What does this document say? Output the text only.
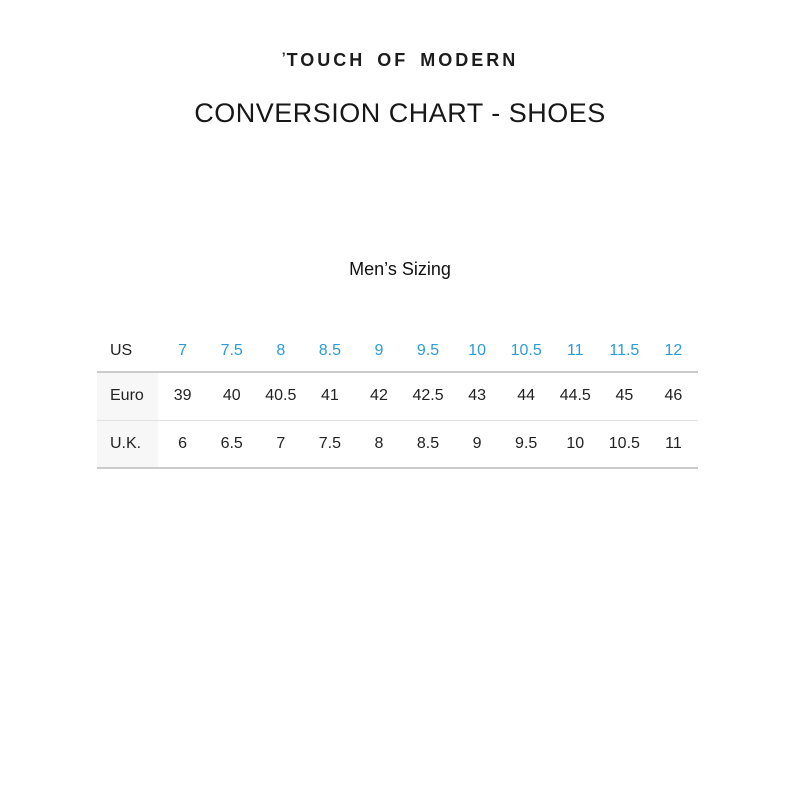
’TOUCH OF MODERN
CONVERSION CHART - SHOES
Men’s Sizing
US	7	7.5	8	8.5	9	9.5	10	10.5	11	11.5	12
Euro	39	40	40.5	41	42	42.5	43	44	44.5	45	46
U.K.	6	6.5	7	7.5	8	8.5	9	9.5	10	10.5	11
